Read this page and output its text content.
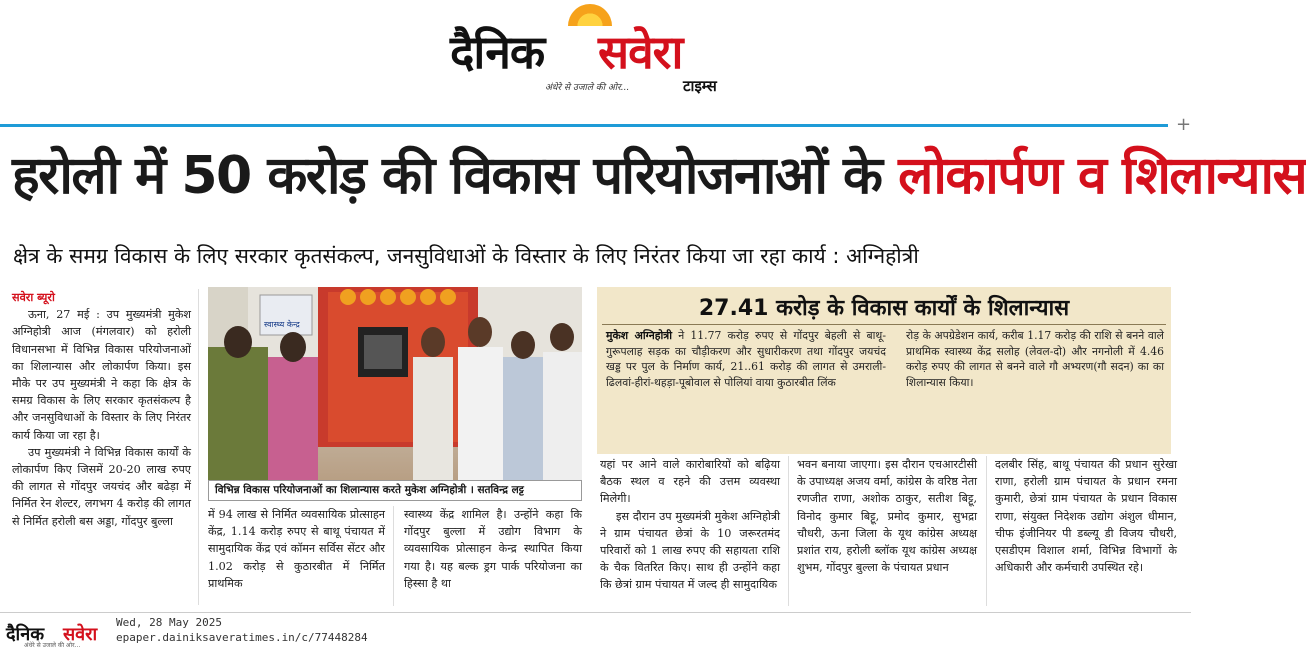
दैनिक सवेरा
अंधेरे से उजाले की ओर...	टाइम्स
+
हरोली में 50 करोड़ की विकास परियोजनाओं के लोकार्पण व शिलान्यास
क्षेत्र के समग्र विकास के लिए सरकार कृतसंकल्प, जनसुविधाओं के विस्तार के लिए निरंतर किया जा रहा कार्य : अग्निहोत्री
सवेरा ब्यूरो
ऊना, 27 मई : उप मुख्यमंत्री मुकेश अग्निहोत्री आज (मंगलवार) को हरोली विधानसभा में विभिन्न विकास परियोजनाओं का शिलान्यास और लोकार्पण किया। इस मौके पर उप मुख्यमंत्री ने कहा कि क्षेत्र के समग्र विकास के लिए सरकार कृतसंकल्प है और जनसुविधाओं के विस्तार के लिए निरंतर कार्य किया जा रहा है।
उप मुख्यमंत्री ने विभिन्न विकास कार्यों के लोकार्पण किए जिसमें 20-20 लाख रुपए की लागत से गोंदपुर जयचंद और बढेड़ा में निर्मित रेन शेल्टर, लगभग 4 करोड़ की लागत से निर्मित हरोली बस अड्डा, गोंदपुर बुल्ला
स्वास्थ्य केन्द्र
विभिन्न विकास परियोजनाओं का शिलान्यास करते मुकेश अग्निहोत्री । सतविन्द्र लट्ट
में 94 लाख से निर्मित व्यवसायिक प्रोत्साहन केंद्र, 1.14 करोड़ रुपए से बाथू पंचायत में सामुदायिक केंद्र एवं कॉमन सर्विस सेंटर और 1.02 करोड़ से कुठारबीत में निर्मित प्राथमिक
स्वास्थ्य केंद्र शामिल है। उन्होंने कहा कि गोंदपुर बुल्ला में उद्योग विभाग के व्यवसायिक प्रोत्साहन केन्द्र स्थापित किया गया है। यह बल्क ड्रग पार्क परियोजना का हिस्सा है था
27.41 करोड़ के विकास कार्यों के शिलान्यास
मुकेश अग्निहोत्री ने 11.77 करोड़ रुपए से गोंदपुर बेहली से बाथू-गुरूपलाह सड़क का चौड़ीकरण और सुधारीकरण तथा गोंदपुर जयचंद खड्ड पर पुल के निर्माण कार्य, 21..61 करोड़ की लागत से उमराली-ढिलवां-हीरां-थहड़ा-पूबोवाल से पोलियां वाया कुठारबीत लिंक
रोड़ के अपग्रेडेशन कार्य, करीब 1.17 करोड़ की राशि से बनने वाले प्राथमिक स्वास्थ्य केंद्र सलोह (लेवल-दो) और नगनोली में 4.46 करोड़ रुपए की लागत से बनने वाले गौ अभ्यरण(गौ सदन) का का शिलान्यास किया।
यहां पर आने वाले कारोबारियों को बढ़िया बैठक स्थल व रहने की उत्तम व्यवस्था मिलेगी।
इस दौरान उप मुख्यमंत्री मुकेश अग्निहोत्री ने ग्राम पंचायत छेत्रां के 10 जरूरतमंद परिवारों को 1 लाख रुपए की सहायता राशि के चैक वितरित किए। साथ ही उन्होंने कहा कि छेत्रां ग्राम पंचायत में जल्द ही सामुदायिक
भवन बनाया जाएगा। इस दौरान एचआरटीसी के उपाध्यक्ष अजय वर्मा, कांग्रेस के वरिष्ठ नेता रणजीत राणा, अशोक ठाकुर, सतीश बिट्टू, विनोद कुमार बिट्टू, प्रमोद कुमार, सुभद्रा चौधरी, ऊना जिला के यूथ कांग्रेस अध्यक्ष प्रशांत राय, हरोली ब्लॉक यूथ कांग्रेस अध्यक्ष शुभम, गोंदपुर बुल्ला के पंचायत प्रधान
दलबीर सिंह, बाथू पंचायत की प्रधान सुरेखा राणा, हरोली ग्राम पंचायत के प्रधान रमना कुमारी, छेत्रां ग्राम पंचायत के प्रधान विकास राणा, संयुक्त निदेशक उद्योग अंशुल धीमान, चीफ इंजीनियर पी डब्ल्यू डी विजय चौधरी, एसडीएम विशाल शर्मा, विभिन्न विभागों के अधिकारी और कर्मचारी उपस्थित रहे।
दैनिक सवेरा
अंधेरे से उजाले की ओर...
Wed, 28 May 2025
epaper.dainiksaveratimes.in/c/77448284
